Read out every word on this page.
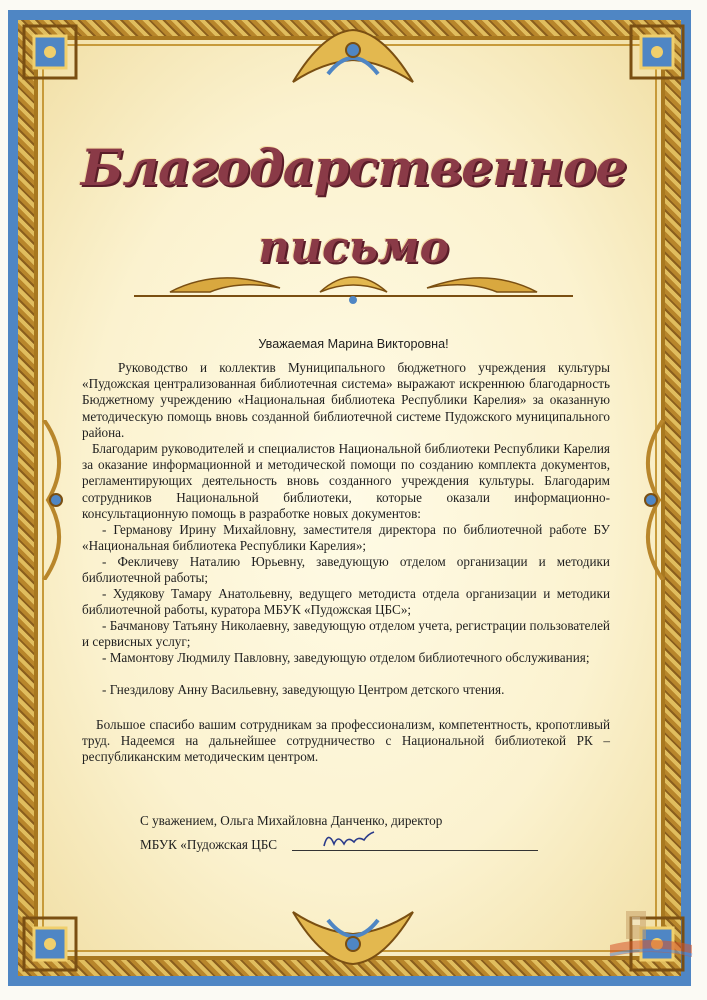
Благодарственное
письмо
Уважаемая Марина Викторовна!
Руководство и коллектив Муниципального бюджетного учреждения культуры «Пудожская централизованная библиотечная система» выражают искреннюю благодарность Бюджетному учреждению «Национальная библиотека Республики Карелия» за оказанную методическую помощь вновь созданной библиотечной системе Пудожского муниципального района.
Благодарим руководителей и специалистов Национальной библиотеки Республики Карелия за оказание информационной и методической помощи по созданию комплекта документов, регламентирующих деятельность вновь созданного учреждения культуры. Благодарим сотрудников Национальной библиотеки, которые оказали информационно-консультационную помощь в разработке новых документов:
- Германову Ирину Михайловну, заместителя директора по библиотечной работе БУ «Национальная библиотека Республики Карелия»;
- Фекличеву Наталию Юрьевну, заведующую отделом организации и методики библиотечной работы;
- Худякову Тамару Анатольевну, ведущего методиста отдела организации и методики библиотечной работы, куратора МБУК «Пудожская ЦБС»;
- Бачманову Татьяну Николаевну, заведующую отделом учета, регистрации пользователей и сервисных услуг;
- Мамонтову Людмилу Павловну, заведующую отделом библиотечного обслуживания;
- Гнездилову Анну Васильевну, заведующую Центром детского чтения.
Большое спасибо вашим сотрудникам за профессионализм, компетентность, кропотливый труд. Надеемся на дальнейшее сотрудничество с Национальной библиотекой РК – республиканским методическим центром.
С уважением, Ольга Михайловна Данченко, директор
МБУК «Пудожская ЦБС
